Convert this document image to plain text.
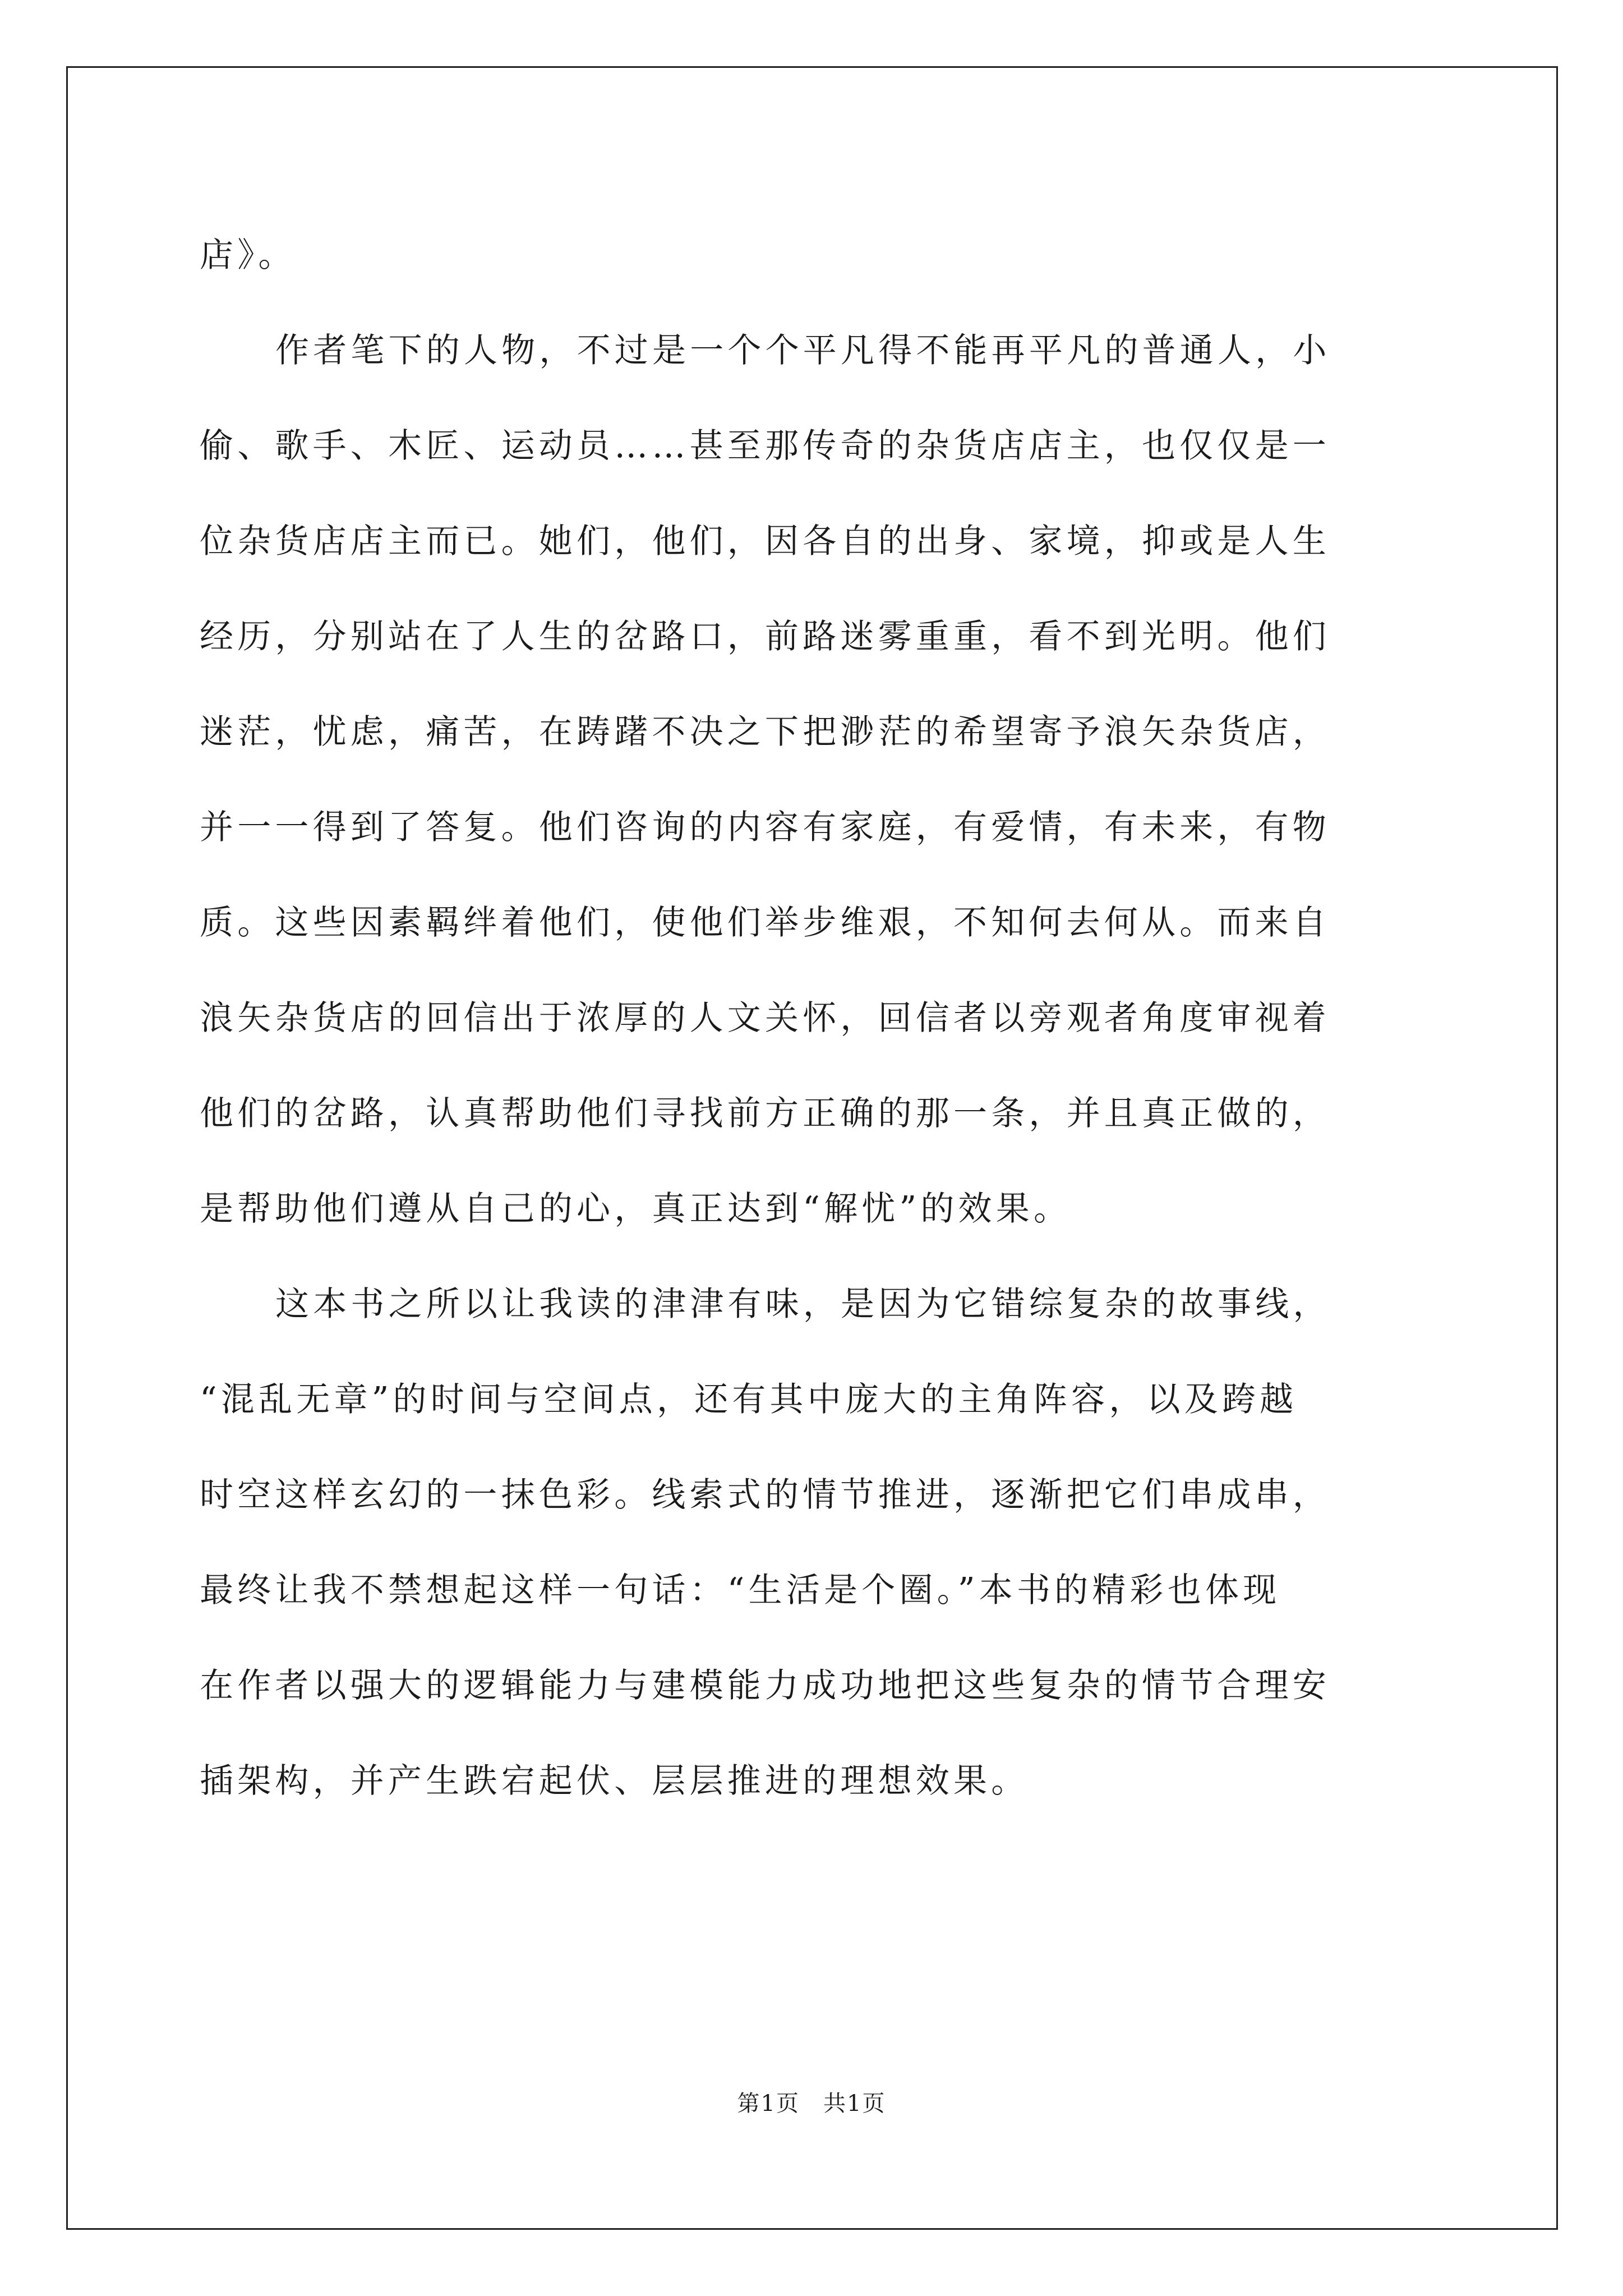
店》。
作者笔下的人物，不过是一个个平凡得不能再平凡的普通人，小
偷、歌手、木匠、运动员……甚至那传奇的杂货店店主，也仅仅是一
位杂货店店主而已。她们，他们，因各自的出身、家境，抑或是人生
经历，分别站在了人生的岔路口，前路迷雾重重，看不到光明。他们
迷茫，忧虑，痛苦，在踌躇不决之下把渺茫的希望寄予浪矢杂货店，
并一一得到了答复。他们咨询的内容有家庭，有爱情，有未来，有物
质。这些因素羁绊着他们，使他们举步维艰，不知何去何从。而来自
浪矢杂货店的回信出于浓厚的人文关怀，回信者以旁观者角度审视着
他们的岔路，认真帮助他们寻找前方正确的那一条，并且真正做的，
是帮助他们遵从自己的心，真正达到“解忧”的效果。
这本书之所以让我读的津津有味，是因为它错综复杂的故事线，
“混乱无章”的时间与空间点，还有其中庞大的主角阵容，以及跨越
时空这样玄幻的一抹色彩。线索式的情节推进，逐渐把它们串成串，
最终让我不禁想起这样一句话：“生活是个圈。”本书的精彩也体现
在作者以强大的逻辑能力与建模能力成功地把这些复杂的情节合理安
插架构，并产生跌宕起伏、层层推进的理想效果。
第1页　共1页
